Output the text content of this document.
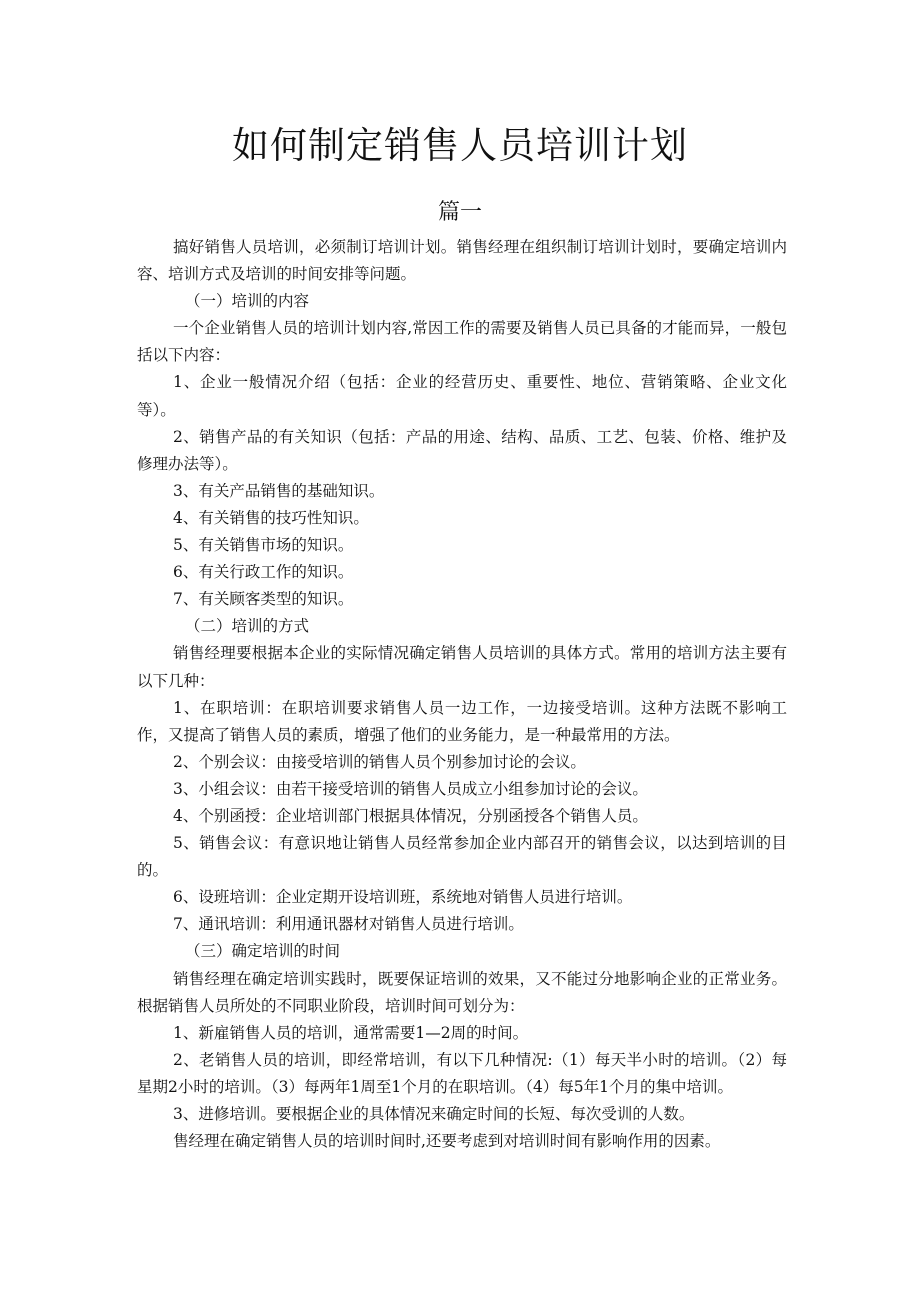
如何制定销售人员培训计划
篇一

搞好销售人员培训，必须制订培训计划。销售经理在组织制订培训计划时，要确定培训内容、培训方式及培训的时间安排等问题。

（一）培训的内容

一个企业销售人员的培训计划内容,常因工作的需要及销售人员已具备的才能而异，一般包括以下内容：

1、企业一般情况介绍（包括：企业的经营历史、重要性、地位、营销策略、企业文化等）。

2、销售产品的有关知识（包括：产品的用途、结构、品质、工艺、包装、价格、维护及修理办法等）。

3、有关产品销售的基础知识。

4、有关销售的技巧性知识。

5、有关销售市场的知识。

6、有关行政工作的知识。

7、有关顾客类型的知识。

（二）培训的方式

销售经理要根据本企业的实际情况确定销售人员培训的具体方式。常用的培训方法主要有以下几种：

1、在职培训：在职培训要求销售人员一边工作，一边接受培训。这种方法既不影响工作，又提高了销售人员的素质，增强了他们的业务能力，是一种最常用的方法。

2、个别会议：由接受培训的销售人员个别参加讨论的会议。

3、小组会议：由若干接受培训的销售人员成立小组参加讨论的会议。

4、个别函授：企业培训部门根据具体情况，分别函授各个销售人员。

5、销售会议：有意识地让销售人员经常参加企业内部召开的销售会议，以达到培训的目的。

6、设班培训：企业定期开设培训班，系统地对销售人员进行培训。

7、通讯培训：利用通讯器材对销售人员进行培训。

（三）确定培训的时间

销售经理在确定培训实践时，既要保证培训的效果，又不能过分地影响企业的正常业务。根据销售人员所处的不同职业阶段，培训时间可划分为：

1、新雇销售人员的培训，通常需要1—2周的时间。

2、老销售人员的培训，即经常培训，有以下几种情况:（1）每天半小时的培训。（2）每星期2小时的培训。（3）每两年1周至1个月的在职培训。（4）每5年1个月的集中培训。

3、进修培训。要根据企业的具体情况来确定时间的长短、每次受训的人数。

售经理在确定销售人员的培训时间时,还要考虑到对培训时间有影响作用的因素。
